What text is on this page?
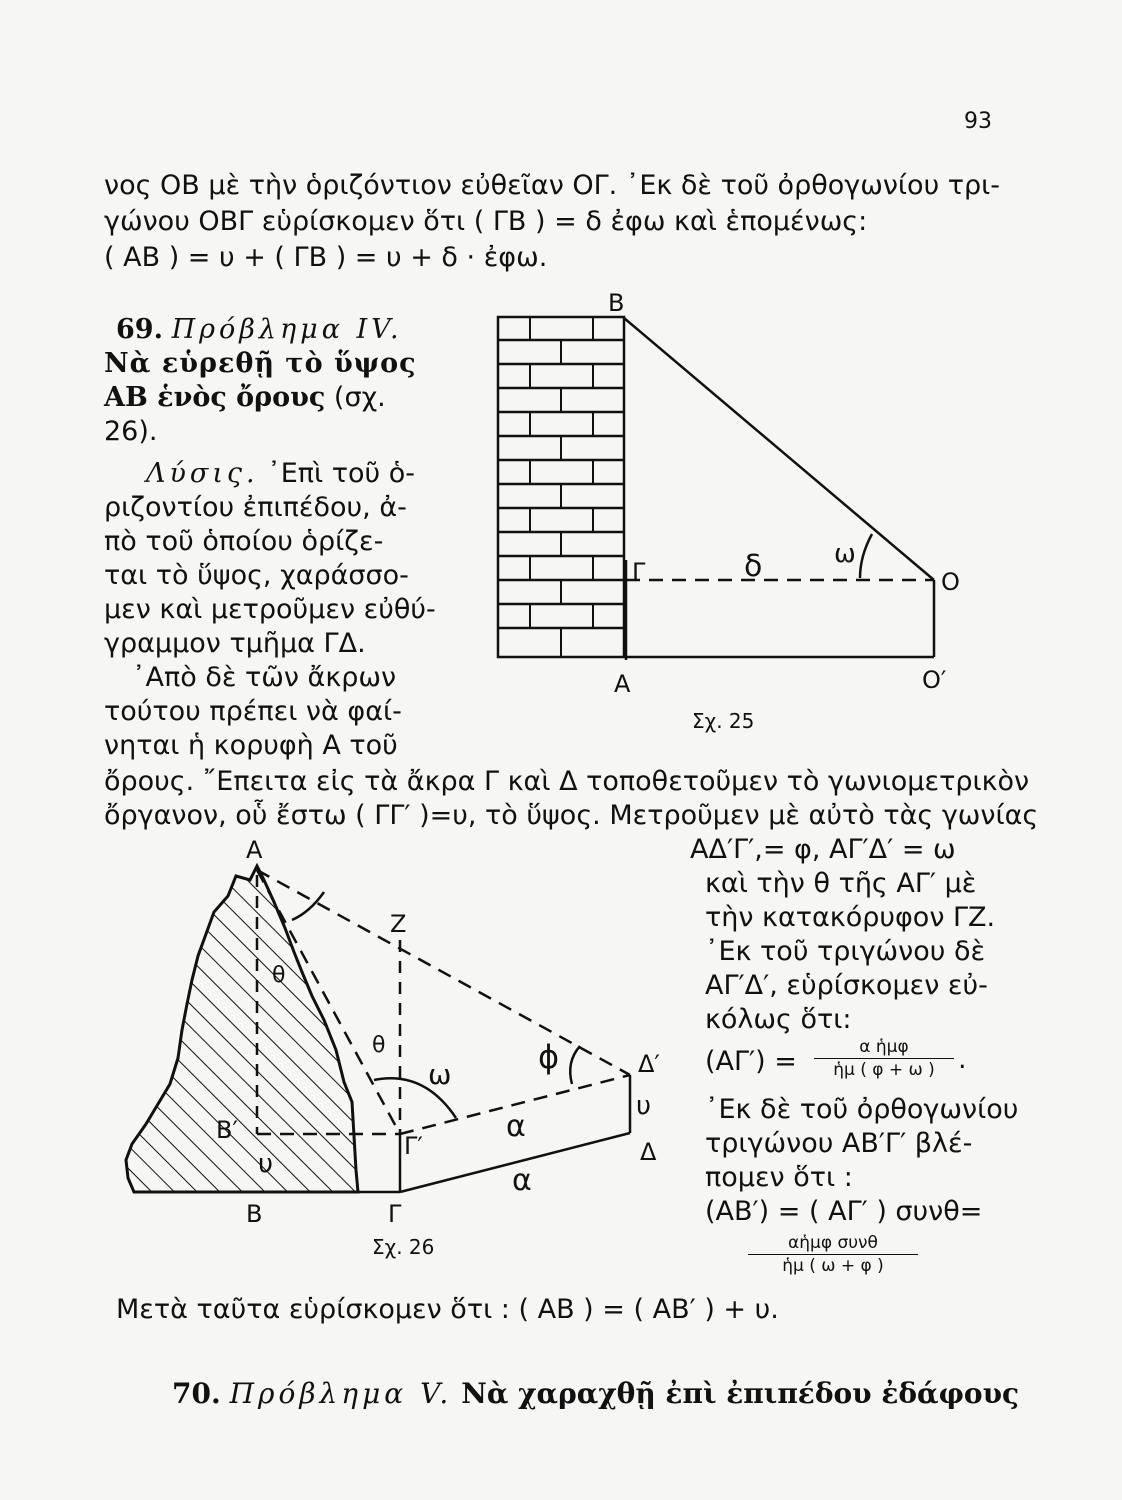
93
νος ΟΒ μὲ τὴν ὁριζόντιον εὐθεῖαν ΟΓ. ᾿Εκ δὲ τοῦ ὀρθογωνίου τρι-
γώνου ΟΒΓ εὑρίσκομεν ὅτι ( ΓΒ ) = δ ἐφω καὶ ἑπομένως:
( ΑΒ ) = υ + ( ΓΒ ) = υ + δ · ἐφω.
69. Πρόβλημα IV.
Νὰ εὑρεθῇ τὸ ὕψος
ΑΒ ἑνὸς ὄρους (σχ.
26).
Λύσις. ᾿Επὶ τοῦ ὁ-
ριζοντίου ἐπιπέδου, ἀ-
πὸ τοῦ ὁποίου ὁρίζε-
ται τὸ ὕψος, χαράσσο-
μεν καὶ μετροῦμεν εὐθύ-
γραμμον τμῆμα ΓΔ.
᾿Απὸ δὲ τῶν ἄκρων
τούτου πρέπει νὰ φαί-
νηται ἡ κορυφὴ Α τοῦ
ὄρους. ῎Επειτα εἰς τὰ ἄκρα Γ καὶ Δ τοποθετοῦμεν τὸ γωνιομετρικὸν
ὄργανον, οὗ ἔστω ( ΓΓ′ )=υ, τὸ ὕψος. Μετροῦμεν μὲ αὐτὸ τὰς γωνίας
ΑΔ′Γ′,= φ, ΑΓ′Δ′ = ω
καὶ τὴν θ τῆς ΑΓ′ μὲ
τὴν κατακόρυφον ΓΖ.
᾿Εκ τοῦ τριγώνου δὲ
ΑΓ′Δ′, εὑρίσκομεν εὐ-
κόλως ὅτι:
(ΑΓ′) =	α ἡμφ
ἡμ ( φ + ω ) .
᾿Εκ δὲ τοῦ ὀρθογωνίου
τριγώνου ΑΒ′Γ′ βλέ-
πομεν ὅτι :
(ΑΒ′) = ( ΑΓ′ ) συνθ=
αἡμφ συνθ
ἡμ ( ω + φ )
Μετὰ ταῦτα εὑρίσκομεν ὅτι : ( ΑΒ ) = ( ΑΒ′ ) + υ.
70. Πρόβλημα V. Νὰ χαραχθῇ ἐπὶ ἐπιπέδου ἐδάφους
B
Γ	δ	ω
O
A	O′
Σχ. 25
A
Z
θ
θ
ω	ϕ	Δ′
υ
Δ
B′
Γ′
α
υ	α
B	Γ
Σχ. 26
